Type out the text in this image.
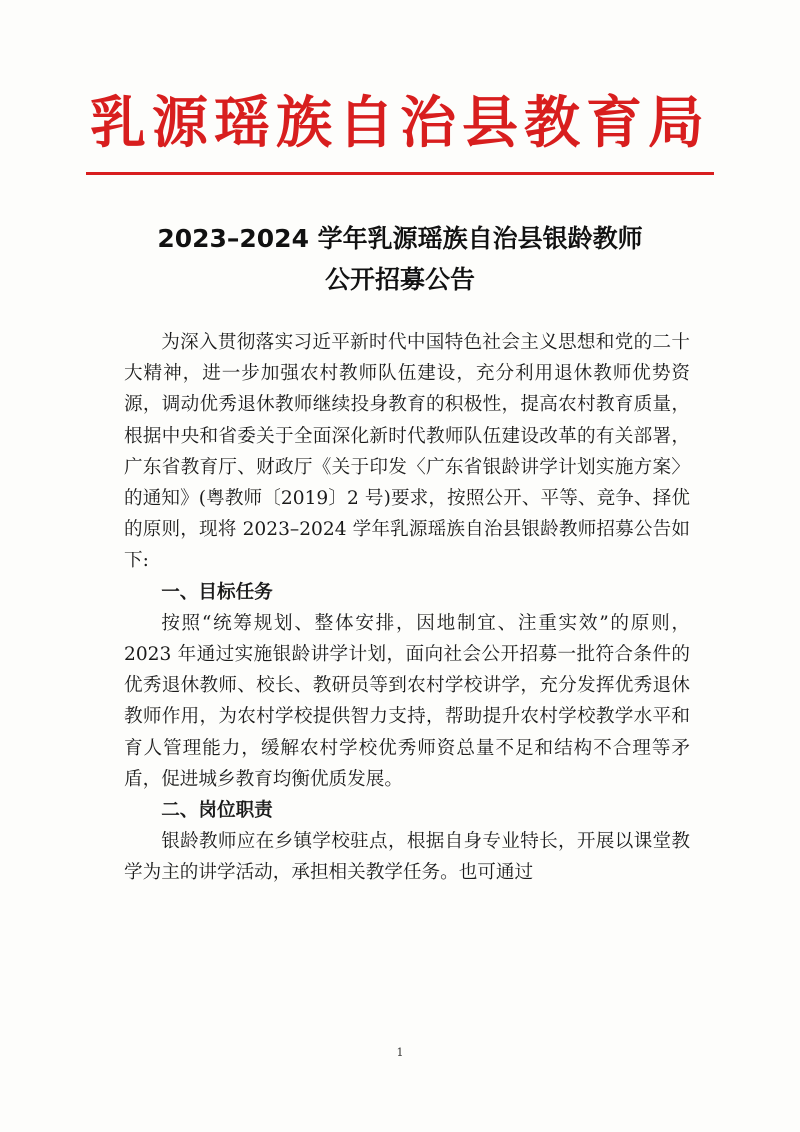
乳源瑶族自治县教育局
2023–2024 学年乳源瑶族自治县银龄教师
公开招募公告

为深入贯彻落实习近平新时代中国特色社会主义思想和党的二十大精神，进一步加强农村教师队伍建设，充分利用退休教师优势资源，调动优秀退休教师继续投身教育的积极性，提高农村教育质量，根据中央和省委关于全面深化新时代教师队伍建设改革的有关部署，广东省教育厅、财政厅《关于印发〈广东省银龄讲学计划实施方案〉的通知》(粤教师〔2019〕2 号)要求，按照公开、平等、竞争、择优的原则，现将 2023–2024 学年乳源瑶族自治县银龄教师招募公告如下:

一、目标任务

按照“统筹规划、整体安排，因地制宜、注重实效”的原则，2023 年通过实施银龄讲学计划，面向社会公开招募一批符合条件的优秀退休教师、校长、教研员等到农村学校讲学，充分发挥优秀退休教师作用，为农村学校提供智力支持，帮助提升农村学校教学水平和育人管理能力，缓解农村学校优秀师资总量不足和结构不合理等矛盾，促进城乡教育均衡优质发展。

二、岗位职责

银龄教师应在乡镇学校驻点，根据自身专业特长，开展以课堂教学为主的讲学活动，承担相关教学任务。也可通过

1
